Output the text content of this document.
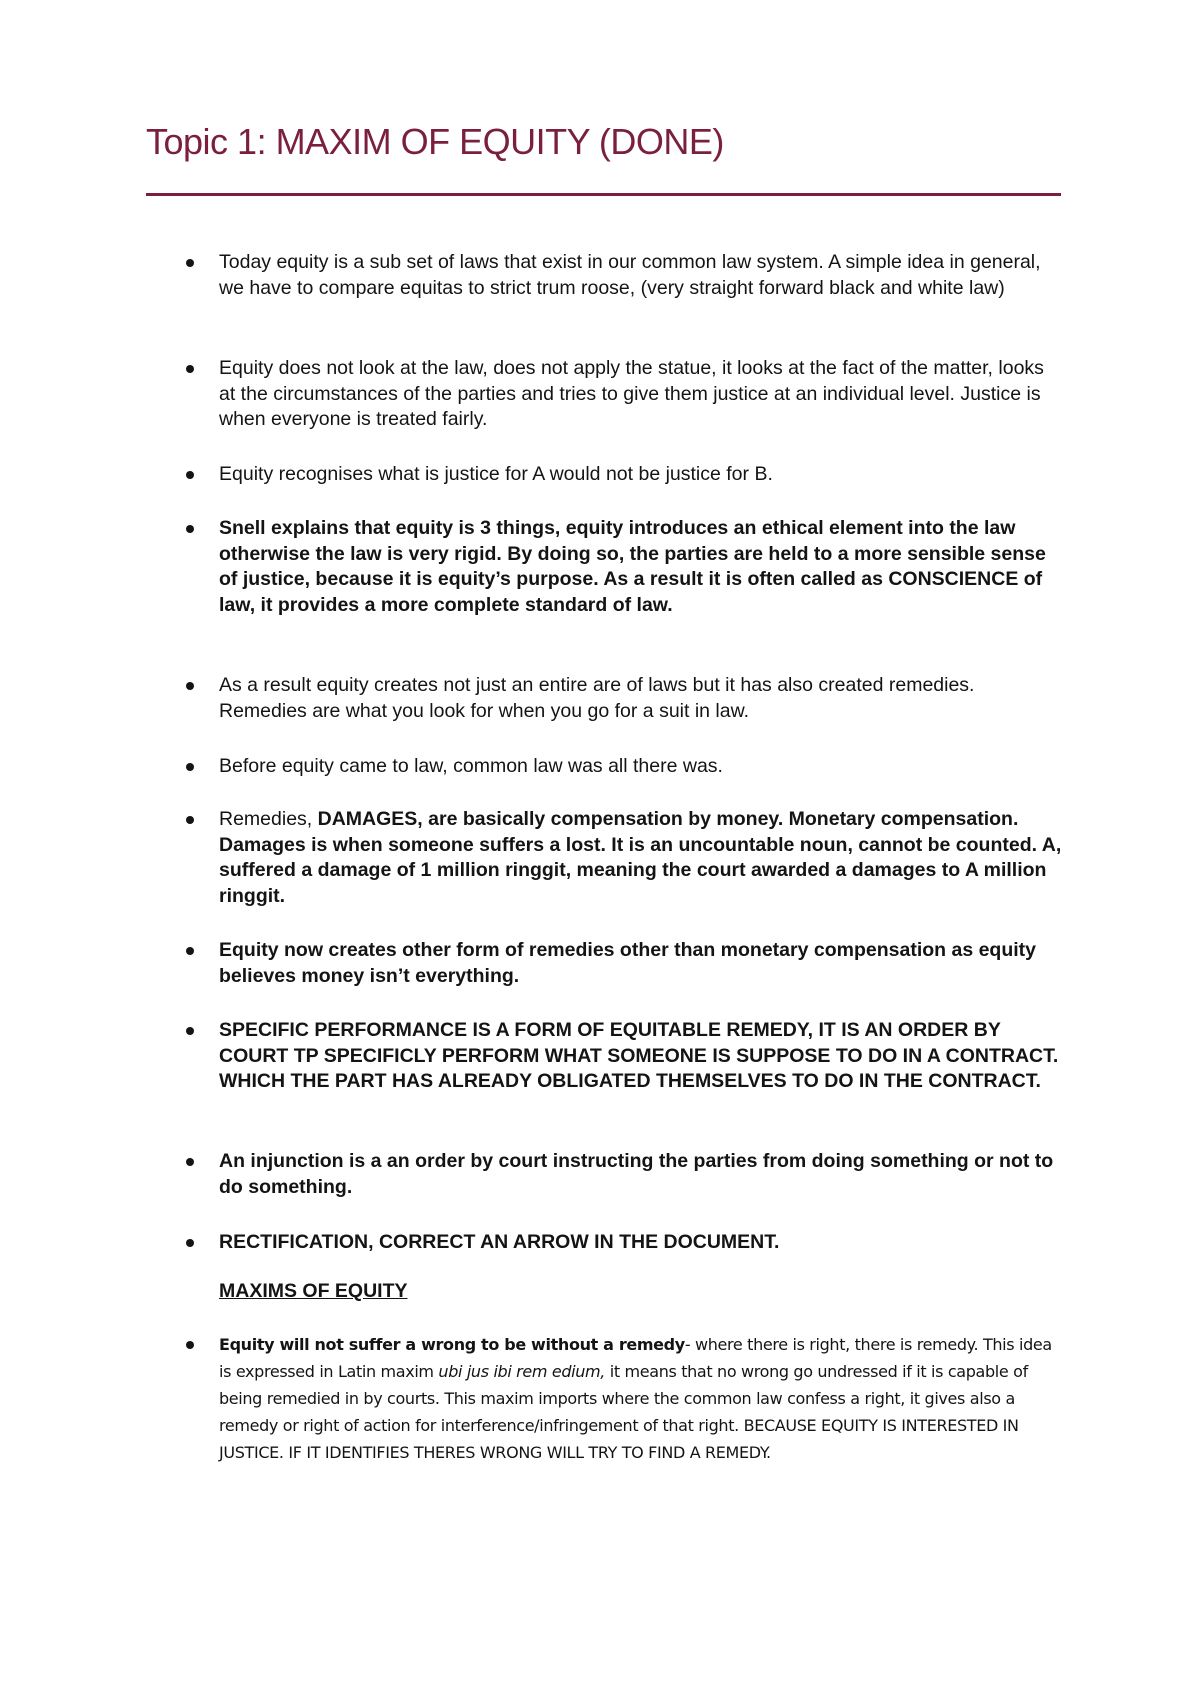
Topic 1: MAXIM OF EQUITY (DONE)
Today equity is a sub set of laws that exist in our common law system. A simple idea in general, we have to compare equitas to strict trum roose, (very straight forward black and white law)
Equity does not look at the law, does not apply the statue, it looks at the fact of the matter, looks at the circumstances of the parties and tries to give them justice at an individual level. Justice is when everyone is treated fairly.
Equity recognises what is justice for A would not be justice for B.
Snell explains that equity is 3 things, equity introduces an ethical element into the law otherwise the law is very rigid. By doing so, the parties are held to a more sensible sense of justice, because it is equity’s purpose. As a result it is often called as CONSCIENCE of law, it provides a more complete standard of law.
As a result equity creates not just an entire are of laws but it has also created remedies. Remedies are what you look for when you go for a suit in law.
Before equity came to law, common law was all there was.
Remedies, DAMAGES, are basically compensation by money. Monetary compensation. Damages is when someone suffers a lost. It is an uncountable noun, cannot be counted. A, suffered a damage of 1 million ringgit, meaning the court awarded a damages to A million ringgit.
Equity now creates other form of remedies other than monetary compensation as equity believes money isn’t everything.
SPECIFIC PERFORMANCE IS A FORM OF EQUITABLE REMEDY, IT IS AN ORDER BY COURT TP SPECIFICLY PERFORM WHAT SOMEONE IS SUPPOSE TO DO IN A CONTRACT. WHICH THE PART HAS ALREADY OBLIGATED THEMSELVES TO DO IN THE CONTRACT.
An injunction is a an order by court instructing the parties from doing something or not to do something.
RECTIFICATION, CORRECT AN ARROW IN THE DOCUMENT.
MAXIMS OF EQUITY
Equity will not suffer a wrong to be without a remedy- where there is right, there is remedy. This idea is expressed in Latin maxim ubi jus ibi rem edium, it means that no wrong go undressed if it is capable of being remedied in by courts. This maxim imports where the common law confess a right, it gives also a remedy or right of action for interference/infringement of that right. BECAUSE EQUITY IS INTERESTED IN JUSTICE. IF IT IDENTIFIES THERES WRONG WILL TRY TO FIND A REMEDY.
